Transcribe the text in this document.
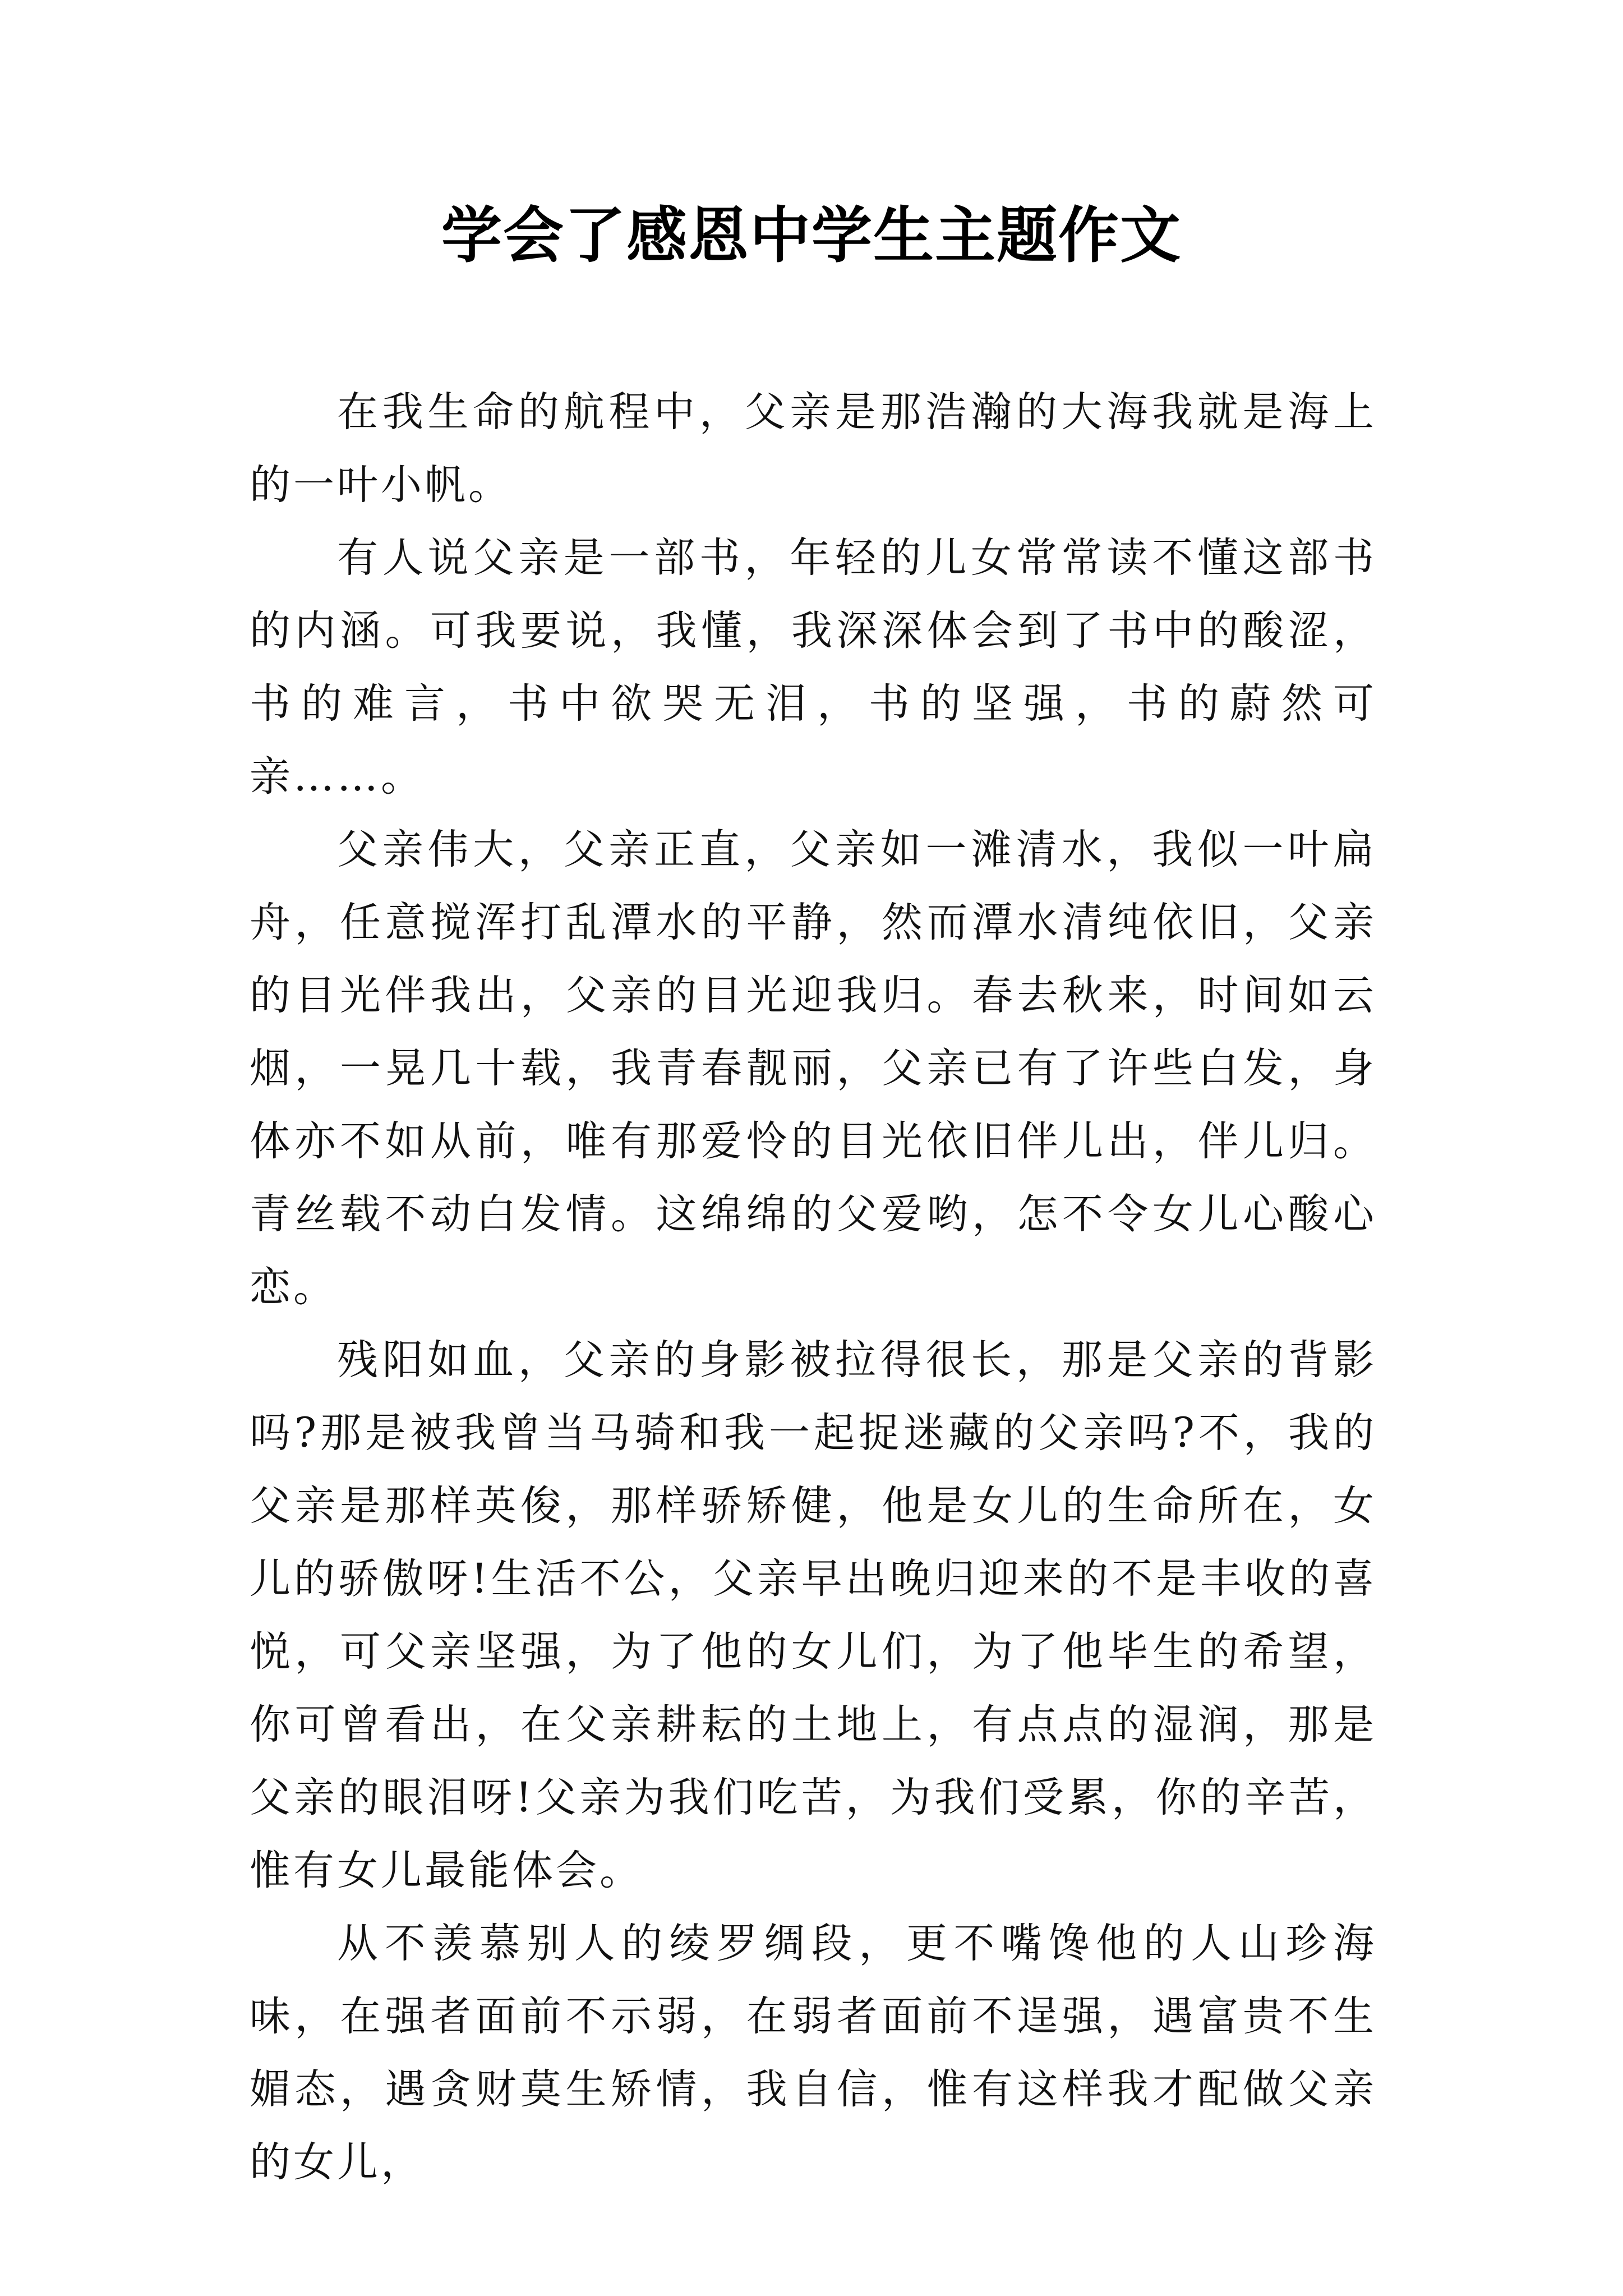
学会了感恩中学生主题作文

在我生命的航程中，父亲是那浩瀚的大海我就是海上的一叶小帆。

有人说父亲是一部书，年轻的儿女常常读不懂这部书的内涵。可我要说，我懂，我深深体会到了书中的酸涩，书的难言，书中欲哭无泪，书的坚强，书的蔚然可亲……。

父亲伟大，父亲正直，父亲如一滩清水，我似一叶扁舟，任意搅浑打乱潭水的平静，然而潭水清纯依旧，父亲的目光伴我出，父亲的目光迎我归。春去秋来，时间如云烟，一晃几十载，我青春靓丽，父亲已有了许些白发，身体亦不如从前，唯有那爱怜的目光依旧伴儿出，伴儿归。青丝载不动白发情。这绵绵的父爱哟，怎不令女儿心酸心恋。

残阳如血，父亲的身影被拉得很长，那是父亲的背影吗?那是被我曾当马骑和我一起捉迷藏的父亲吗?不，我的父亲是那样英俊，那样骄矫健，他是女儿的生命所在，女儿的骄傲呀!生活不公，父亲早出晚归迎来的不是丰收的喜悦，可父亲坚强，为了他的女儿们，为了他毕生的希望，你可曾看出，在父亲耕耘的土地上，有点点的湿润，那是父亲的眼泪呀!父亲为我们吃苦，为我们受累，你的辛苦，惟有女儿最能体会。

从不羡慕别人的绫罗绸段，更不嘴馋他的人山珍海味，在强者面前不示弱，在弱者面前不逞强，遇富贵不生媚态，遇贪财莫生矫情，我自信，惟有这样我才配做父亲的女儿，
